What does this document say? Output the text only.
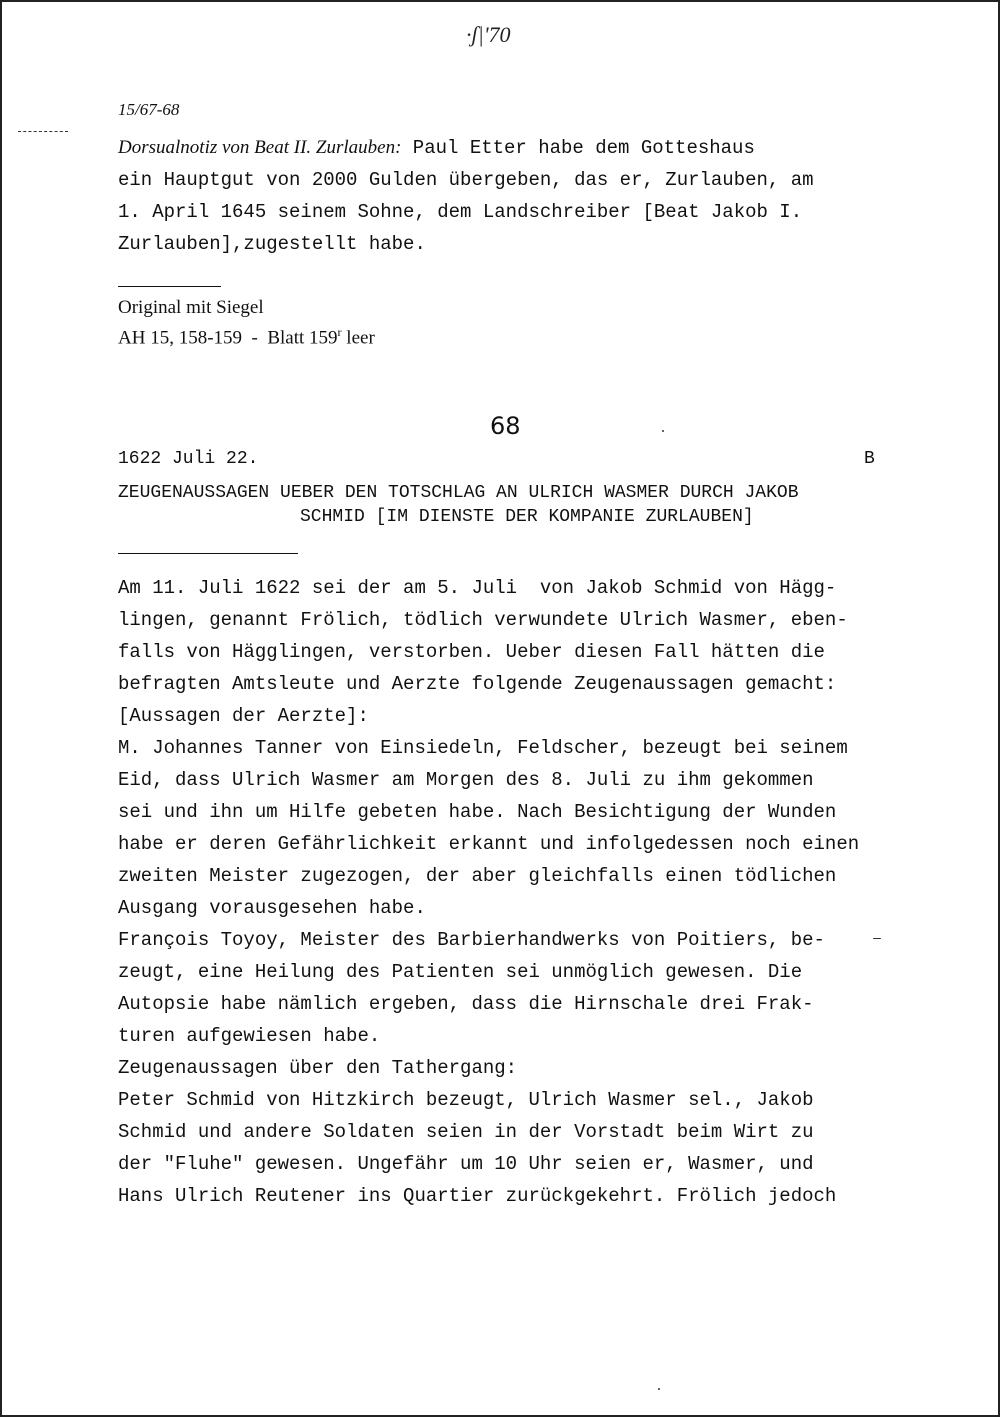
·ʃ|'70
15/67-68
Dorsualnotiz von Beat II. Zurlauben: Paul Etter habe dem Gotteshaus
ein Hauptgut von 2000 Gulden übergeben, das er, Zurlauben, am
1. April 1645 seinem Sohne, dem Landschreiber [Beat Jakob I.
Zurlauben],zugestellt habe.
Original mit Siegel
AH 15, 158-159  -  Blatt 159$^r$ leer
68
1622 Juli 22.	B
ZEUGENAUSSAGEN UEBER DEN TOTSCHLAG AN ULRICH WASMER DURCH JAKOB
SCHMID [IM DIENSTE DER KOMPANIE ZURLAUBEN]
Am 11. Juli 1622 sei der am 5. Juli  von Jakob Schmid von Hägg-
lingen, genannt Frölich, tödlich verwundete Ulrich Wasmer, eben-
falls von Hägglingen, verstorben. Ueber diesen Fall hätten die
befragten Amtsleute und Aerzte folgende Zeugenaussagen gemacht:
[Aussagen der Aerzte]:
M. Johannes Tanner von Einsiedeln, Feldscher, bezeugt bei seinem
Eid, dass Ulrich Wasmer am Morgen des 8. Juli zu ihm gekommen
sei und ihn um Hilfe gebeten habe. Nach Besichtigung der Wunden
habe er deren Gefährlichkeit erkannt und infolgedessen noch einen
zweiten Meister zugezogen, der aber gleichfalls einen tödlichen
Ausgang vorausgesehen habe.
François Toyoy, Meister des Barbierhandwerks von Poitiers, be-
zeugt, eine Heilung des Patienten sei unmöglich gewesen. Die
Autopsie habe nämlich ergeben, dass die Hirnschale drei Frak-
turen aufgewiesen habe.
Zeugenaussagen über den Tathergang:
Peter Schmid von Hitzkirch bezeugt, Ulrich Wasmer sel., Jakob
Schmid und andere Soldaten seien in der Vorstadt beim Wirt zu
der "Fluhe" gewesen. Ungefähr um 10 Uhr seien er, Wasmer, und
Hans Ulrich Reutener ins Quartier zurückgekehrt. Frölich jedoch
